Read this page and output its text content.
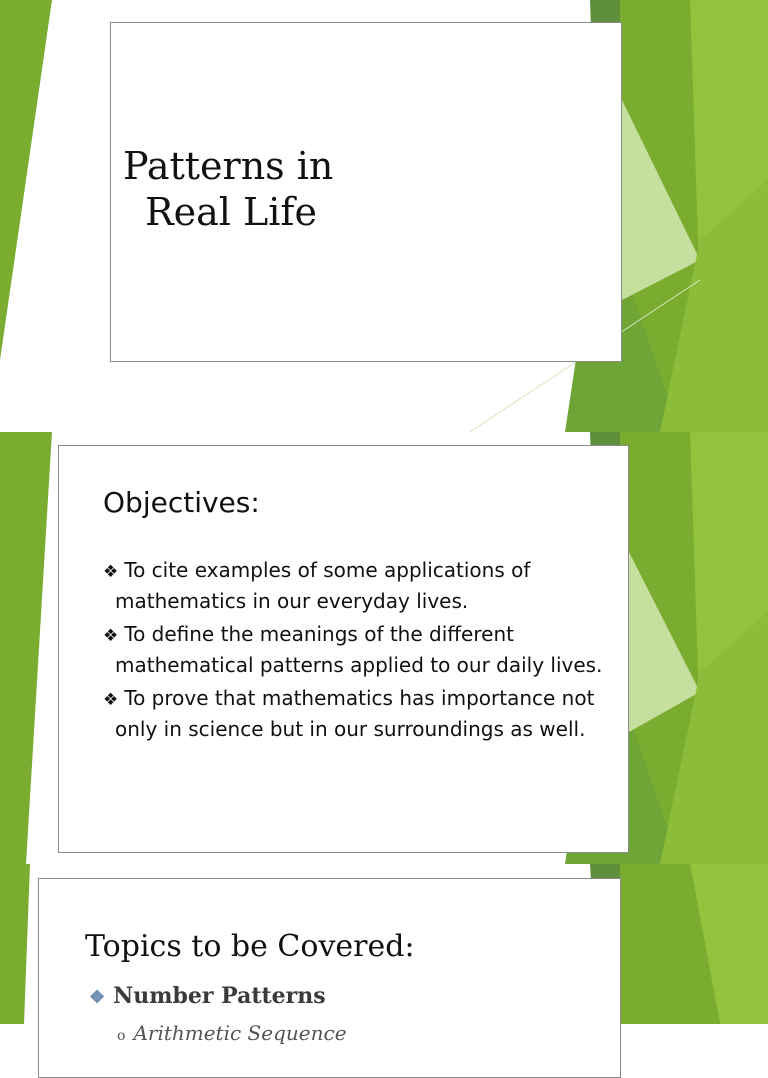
Patterns in
Real Life
Objectives:
❖ To cite examples of some applications of mathematics in our everyday lives.
❖ To define the meanings of the different mathematical patterns applied to our daily lives.
❖ To prove that mathematics has importance not only in science but in our surroundings as well.
Topics to be Covered:
❖ Number Patterns
o Arithmetic Sequence
